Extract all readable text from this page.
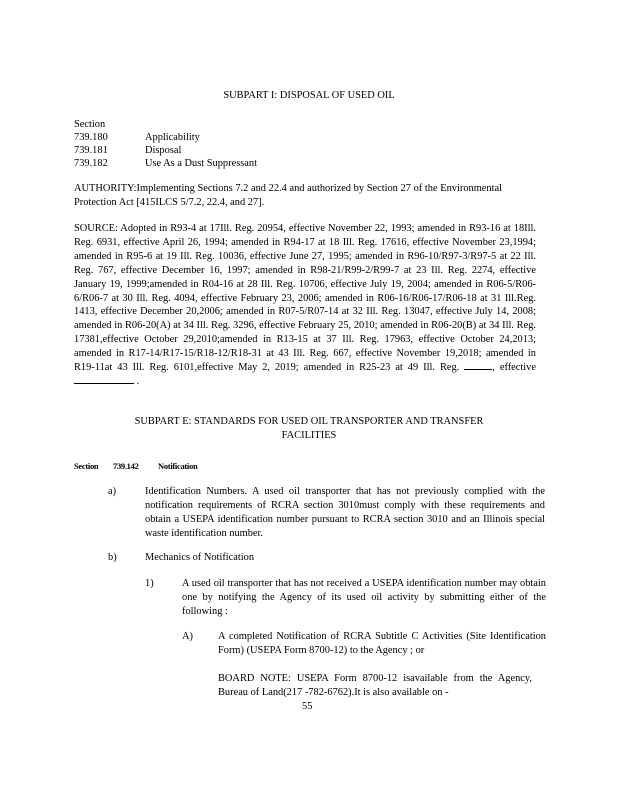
SUBPART I: DISPOSAL OF USED OIL
Section
739.180	Applicability
739.181	Disposal
739.182	Use As a Dust Suppressant
AUTHORITY:Implementing Sections 7.2 and 22.4 and authorized by Section 27 of the Environmental Protection Act [415ILCS 5/7.2, 22.4, and 27].
SOURCE: Adopted in R93-4 at 17Ill. Reg. 20954, effective November 22, 1993; amended in R93-16 at 18Ill. Reg. 6931, effective April 26, 1994; amended in R94-17 at 18 Ill. Reg. 17616, effective November 23,1994; amended in R95-6 at 19 Ill. Reg. 10036, effective June 27, 1995; amended in R96-10/R97-3/R97-5 at 22 Ill. Reg. 767, effective December 16, 1997; amended in R98-21/R99-2/R99-7 at 23 Ill. Reg. 2274, effective January 19, 1999;amended in R04-16 at 28 Ill. Reg. 10706, effective July 19, 2004; amended in R06-5/R06-6/R06-7 at 30 Ill. Reg. 4094, effective February 23, 2006; amended in R06-16/R06-17/R06-18 at 31 Ill.Reg. 1413, effective December 20,2006; amended in R07-5/R07-14 at 32 Ill. Reg. 13047, effective July 14, 2008; amended in R06-20(A) at 34 Ill. Reg. 3296, effective February 25, 2010; amended in R06-20(B) at 34 Ill. Reg. 17381,effective October 29,2010;amended in R13-15 at 37 Ill. Reg. 17963, effective October 24,2013; amended in R17-14/R17-15/R18-12/R18-31 at 43 Ill. Reg. 667, effective November 19,2018; amended in R19-11at 43 Ill. Reg. 6101,effective May 2, 2019; amended in R25-23 at 49 Ill. Reg.	, effective  .
SUBPART E: STANDARDS FOR USED OIL TRANSPORTER AND TRANSFER
FACILITIES
Section 739.142 Notification
a)	Identification Numbers. A used oil transporter that has not previously complied with the notification requirements of RCRA section 3010must comply with these requirements and obtain a USEPA identification number pursuant to RCRA section 3010 and an Illinois special waste identification number.
b)	Mechanics of Notification
1)	A used oil transporter that has not received a USEPA identification number may obtain one by notifying the Agency of its used oil activity by submitting either of the following :
A) A completed Notification of RCRA Subtitle C Activities (Site Identification Form) (USEPA Form 8700-12) to the Agency ; or
BOARD NOTE: USEPA Form 8700-12 isavailable from the Agency, Bureau of Land(217 -782-6762).It is also available on -
55
